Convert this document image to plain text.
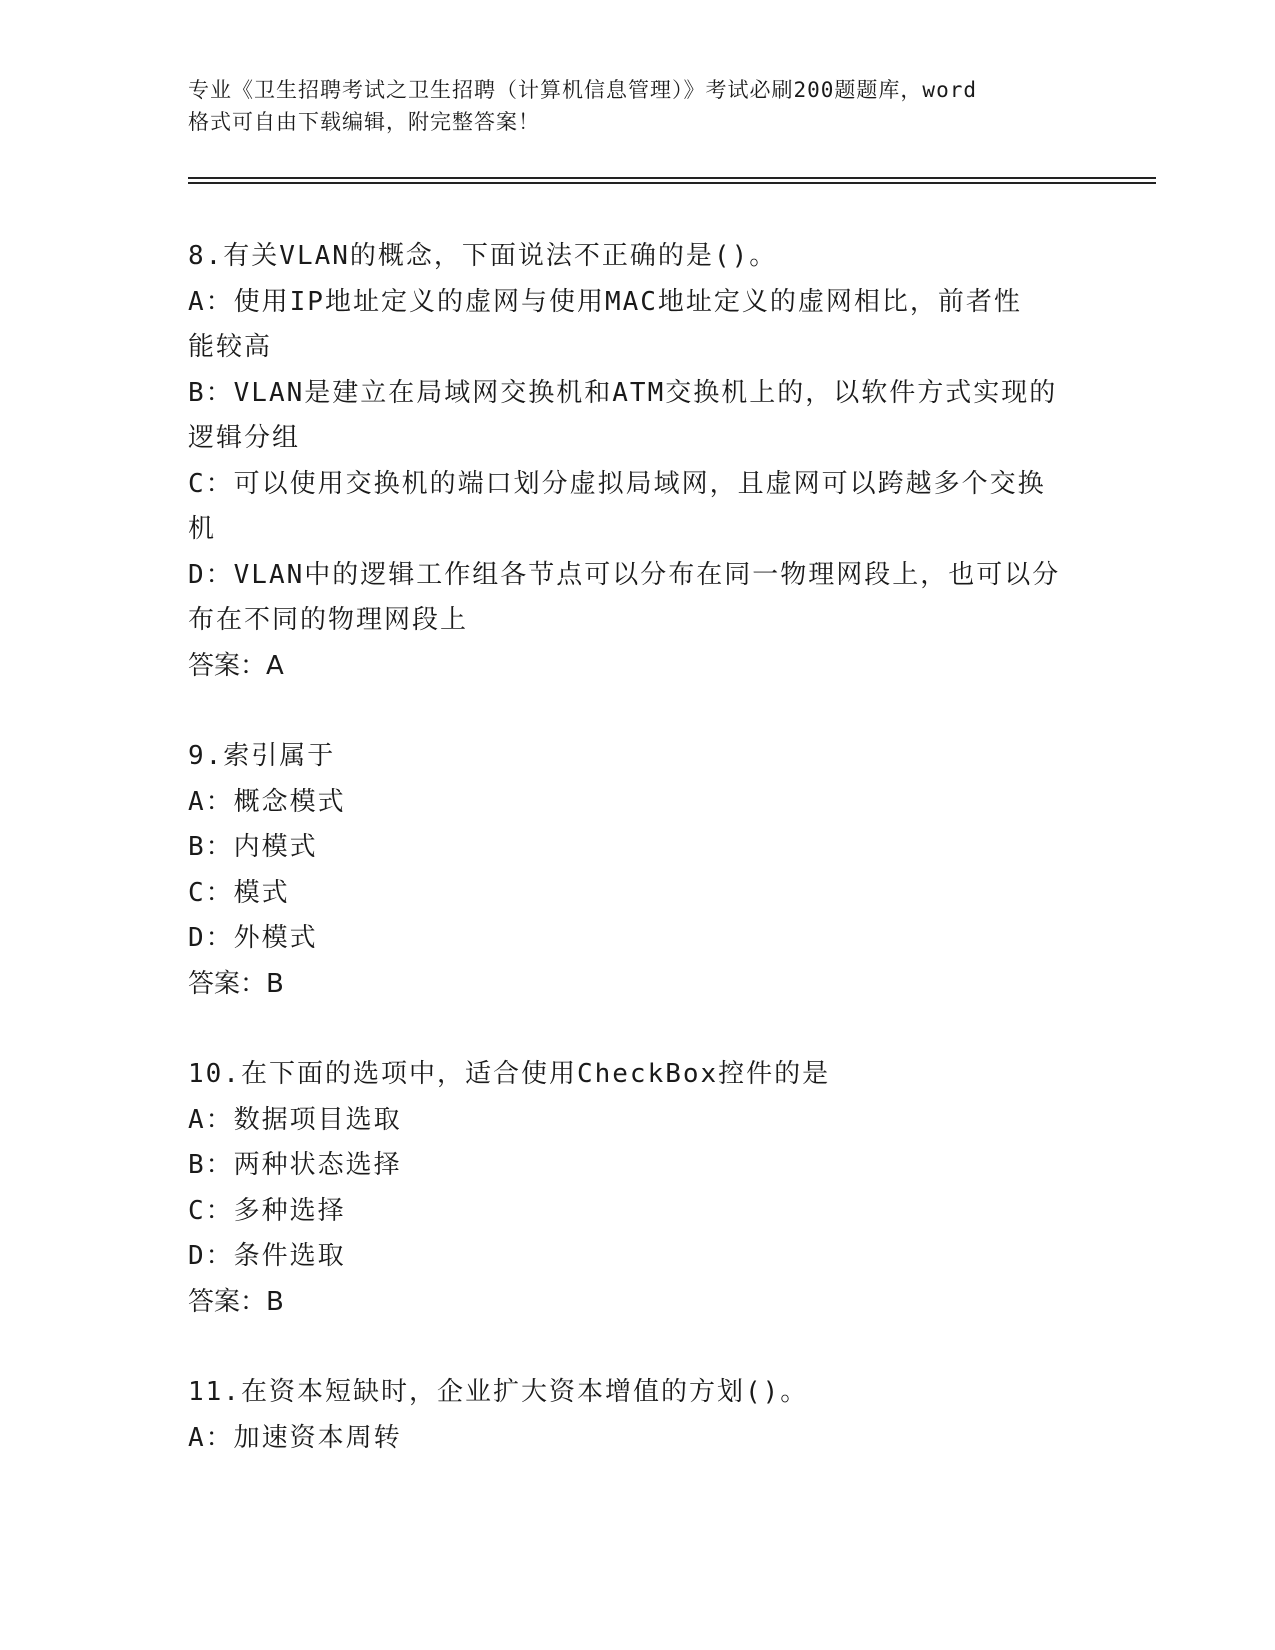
专业《卫生招聘考试之卫生招聘（计算机信息管理）》考试必刷200题题库，word
格式可自由下载编辑，附完整答案！
8.有关VLAN的概念，下面说法不正确的是()。
A：使用IP地址定义的虚网与使用MAC地址定义的虚网相比，前者性
能较高
B：VLAN是建立在局域网交换机和ATM交换机上的，以软件方式实现的
逻辑分组
C：可以使用交换机的端口划分虚拟局域网，且虚网可以跨越多个交换
机
D：VLAN中的逻辑工作组各节点可以分布在同一物理网段上，也可以分
布在不同的物理网段上
答案：A
9.索引属于
A：概念模式
B：内模式
C：模式
D：外模式
答案：B
10.在下面的选项中，适合使用CheckBox控件的是
A：数据项目选取
B：两种状态选择
C：多种选择
D：条件选取
答案：B
11.在资本短缺时，企业扩大资本增值的方划()。
A：加速资本周转
